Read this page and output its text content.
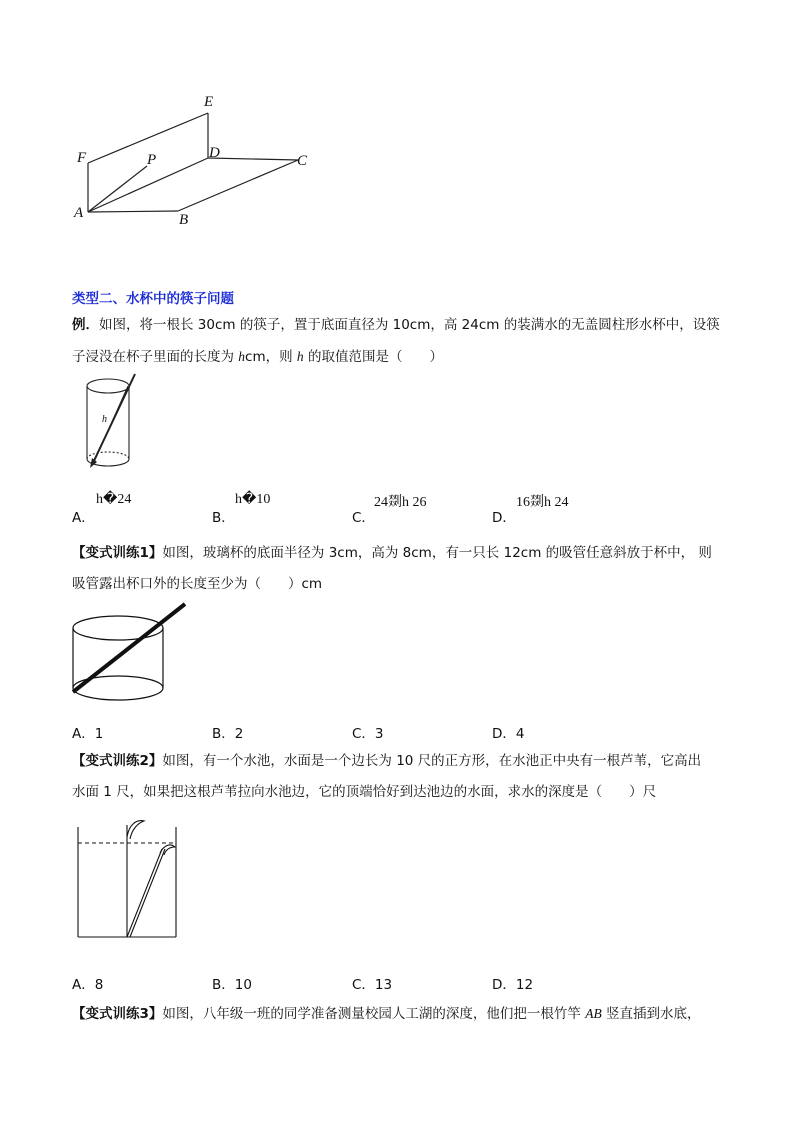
E
F	P	D	C
A	B
类型二、水杯中的筷子问题
例．如图，将一根长 30cm 的筷子，置于底面直径为 10cm，高 24cm 的装满水的无盖圆柱形水杯中，设筷
子浸没在杯子里面的长度为 hcm，则 h 的取值范围是（　　）
h
h�24
A．
h�10
B．
24剟h 26
C．
16剟h 24
D．
【变式训练1】如图，玻璃杯的底面半径为 3cm，高为 8cm，有一只长 12cm 的吸管任意斜放于杯中， 则
吸管露出杯口外的长度至少为（　　）cm
A．1	B．2	C．3	D．4
【变式训练2】如图，有一个水池，水面是一个边长为 10 尺的正方形，在水池正中央有一根芦苇，它高出
水面 1 尺，如果把这根芦苇拉向水池边，它的顶端恰好到达池边的水面，求水的深度是（　　）尺
A．8	B．10	C．13	D．12
【变式训练3】如图，八年级一班的同学准备测量校园人工湖的深度，他们把一根竹竿 AB 竖直插到水底，
